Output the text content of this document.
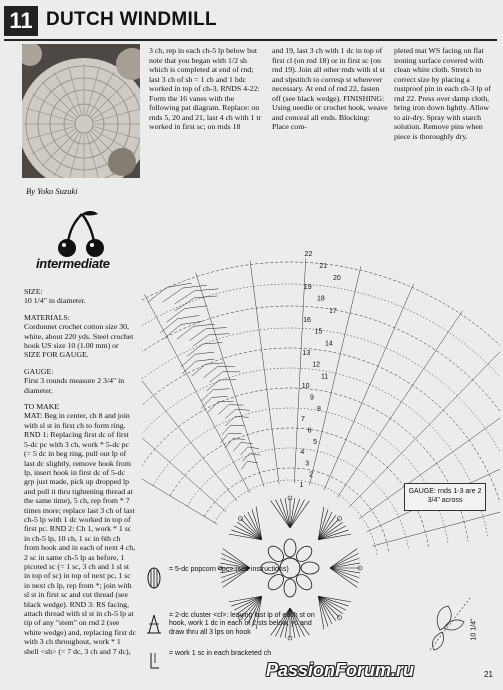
11 DUTCH WINDMILL
By Yoko Suzuki
intermediate

SIZE:
10 1/4" in diameter.

MATERIALS:
Cordonnet crochet cotton size 30, white, about 220 yds. Steel crochet hook US size 10 (1.00 mm) or SIZE FOR GAUGE.

GAUGE:
First 3 rounds measure 2 3/4" in diameter.

TO MAKE
MAT: Beg in center, ch 8 and join with sl st in first ch to form ring. RND 1: Replacing first dc of first 5-dc pc with 3 ch, work * 5-dc pc (= 5 dc in beg ring, pull out lp of last dc slightly, remove hook from lp, insert hook in first dc of 5-dc grp just made, pick up dropped lp and pull it thru tightening thread at the same time), 5 ch, rep from * 7 times more; replace last 3 ch of last ch-5 lp with 1 dc worked in top of first pc. RND 2: Ch 1, work * 1 sc in ch-5 lp, 10 ch, 1 sc in 6th ch from hook and in each of next 4 ch, 2 sc in same ch-5 lp as before, 1 picoted sc (= 1 sc, 3 ch and 1 sl st in top of sc) in top of next pc, 1 sc in next ch lp, rep from *; join with sl st in first sc and cut thread (see black wedge). RND 3: RS facing, attach thread with sl st in ch-5 lp at tip of any "stem" on rnd 2 (see white wedge) and, replacing first dc with 3 ch throughout, work * 1 shell <sh> (= 7 dc, 3 ch and 7 dc),

3 ch, rep in each ch-5 lp below but note that you began with 1/2 sh which is completed at end of rnd; last 3 ch of sh = 1 ch and 1 hdc worked in top of ch-3. RNDS 4-22: Form the 16 vanes with the following pat diagram. Replace: on rnds 5, 20 and 21, last 4 ch with 1 tr worked in first sc; on rnds 18
and 19, last 3 ch with 1 dc in top of first cl (on rnd 18) or in first sc (on rnd 19). Join all other rnds with sl st and slpstitch to corresp st wherever necessary. At end of rnd 22, fasten off (see black wedge). FINISHING: Using needle or crochet hook, weave and conceal all ends. Blocking: Place com-
pleted mat WS facing on flat ironing surface covered with clean white cloth. Stretch to correct size by placing a rustproof pin in each ch-3 lp of rnd 22. Press over damp cloth, bring iron down lightly. Allow to air-dry. Spray with starch solution. Remove pins when piece is thoroughly dry.
22
21
20
19
18
17
16
15
14
13
12
11
10
9
8
7
6
5
4
3
2
1
GAUGE: rnds 1-3 are 2 3/4" across
= 5-dc popcorn <pc> (see instructions)
= 2-dc cluster <cl>: leaving last lp of each st on hook, work 1 dc in each of 2 sts below, yo and draw thru all 3 lps on hook
= work 1 sc in each bracketed ch
10 1/4"
21
PassionForum.ru
